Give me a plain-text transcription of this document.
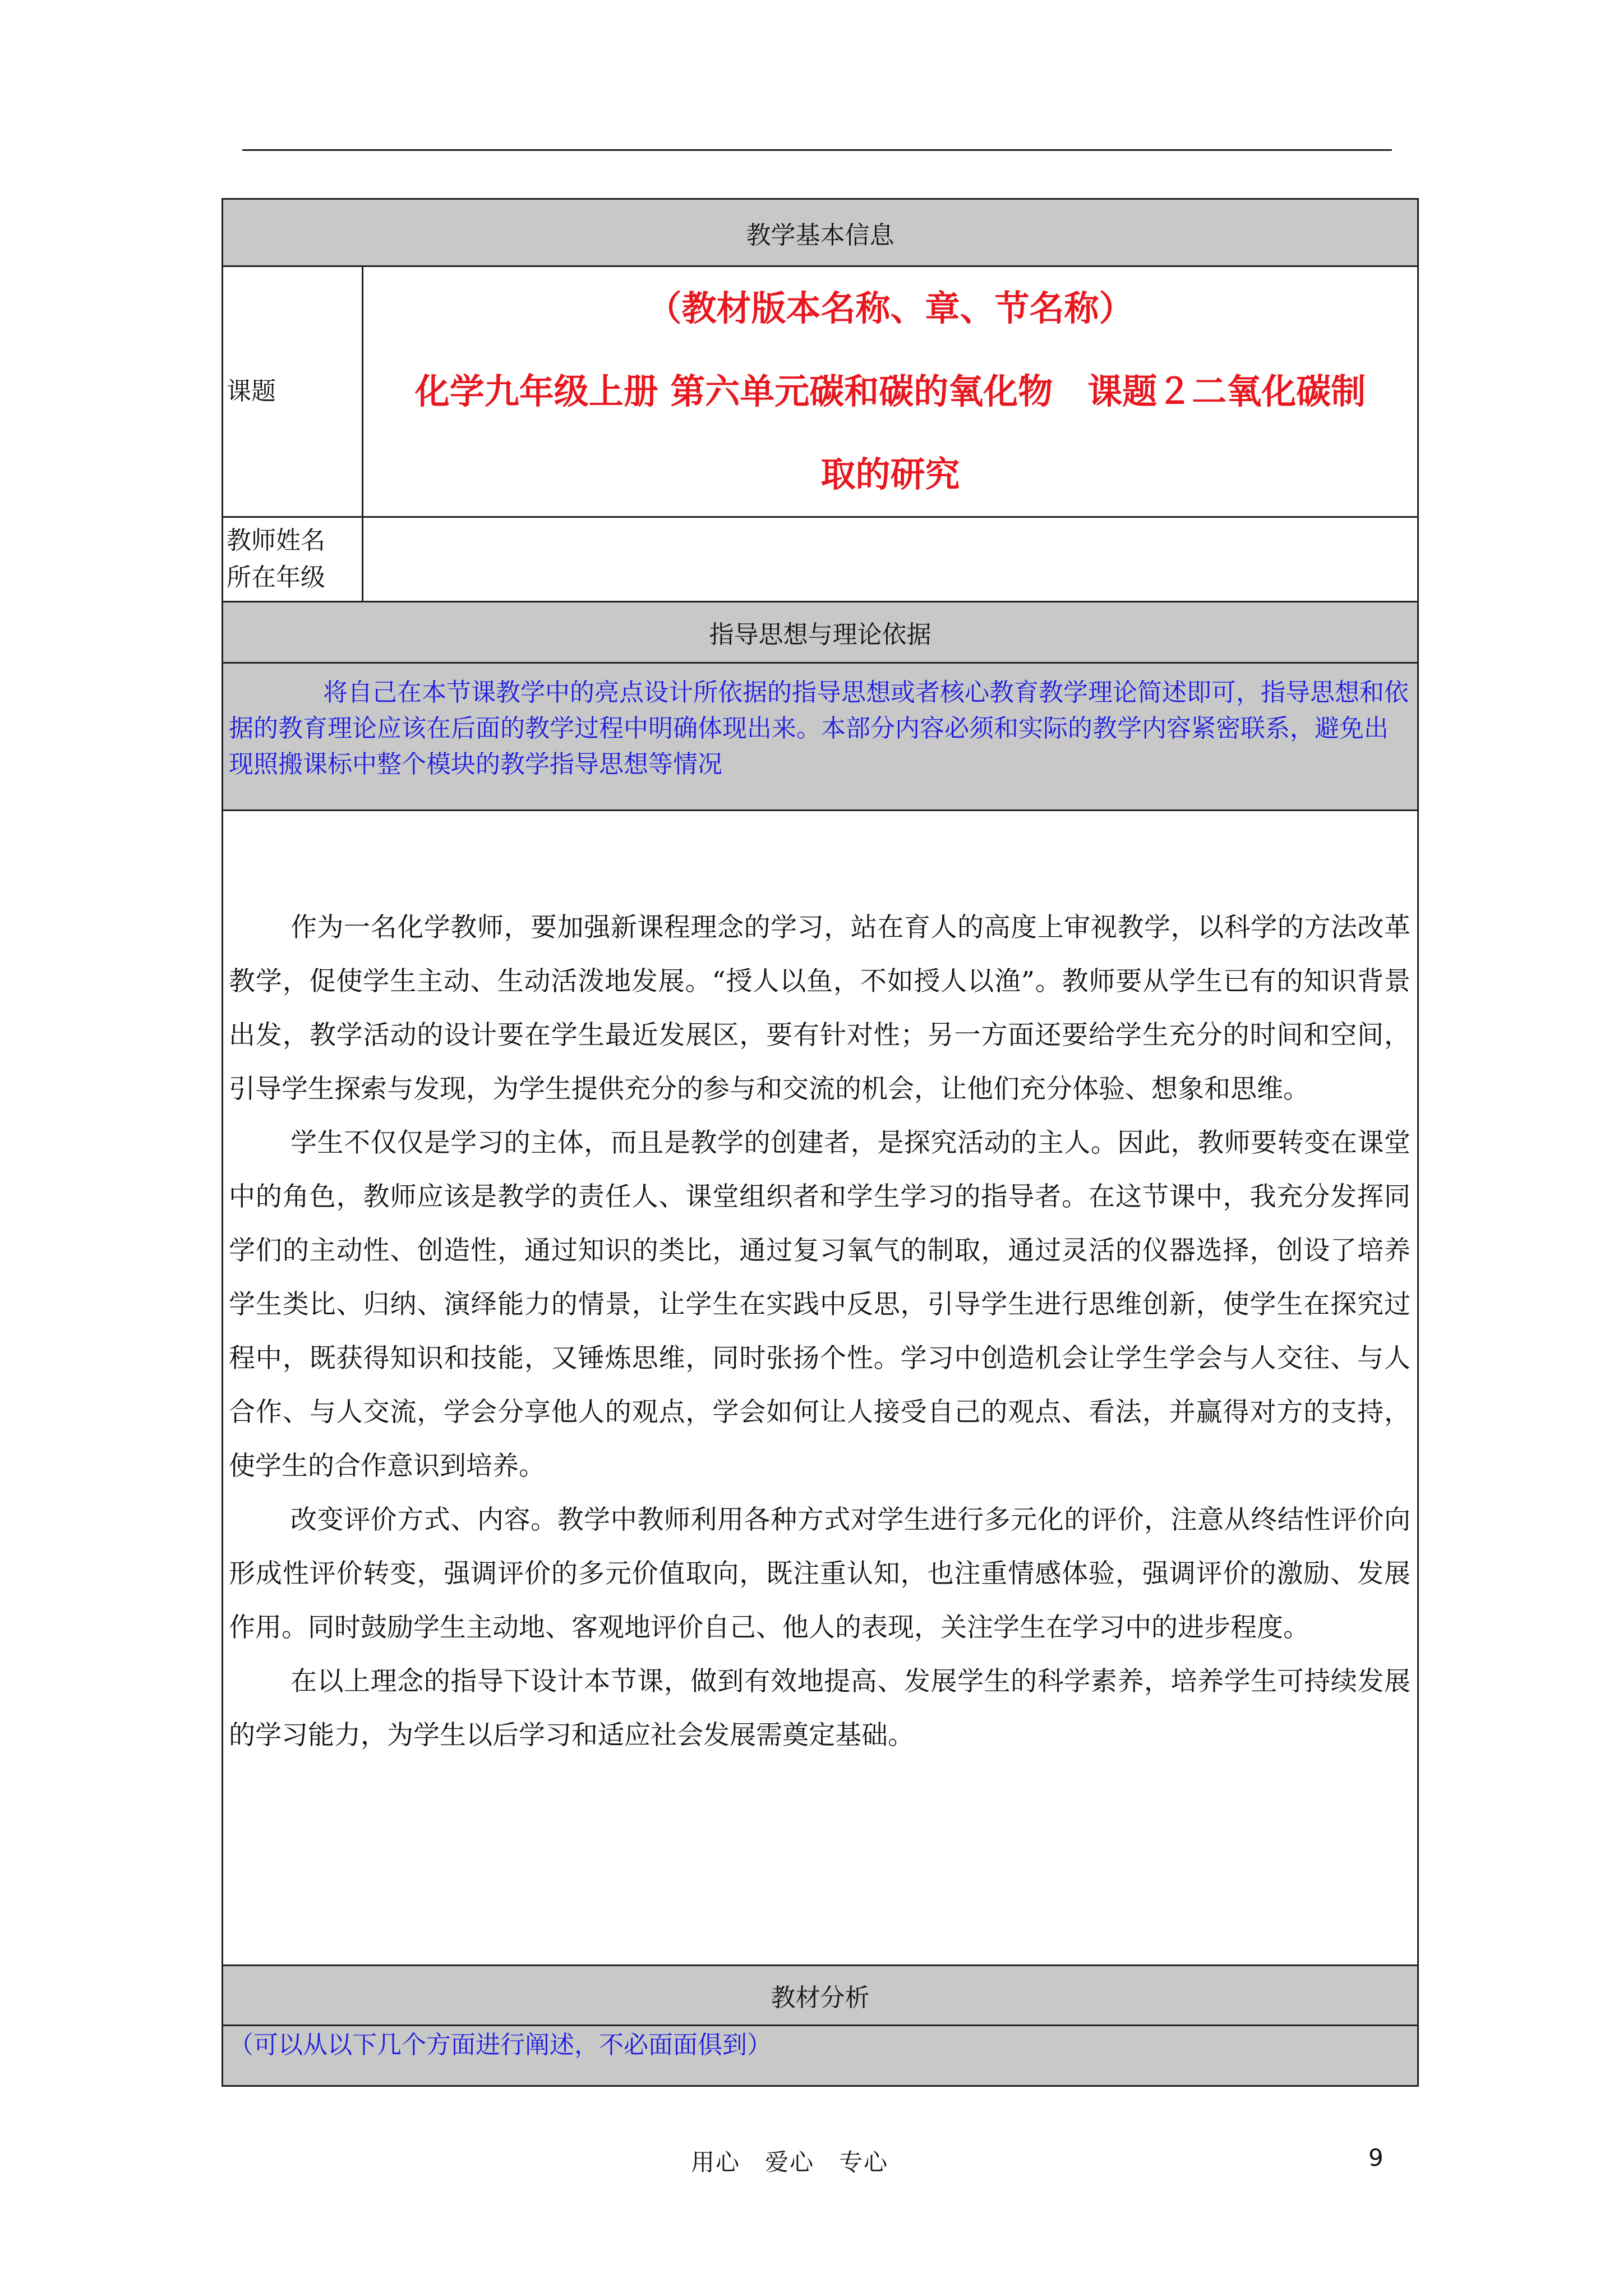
教学基本信息	
课题	（教材版本名称、章、节名称）
化学九年级上册 第六单元碳和碳的氧化物　课题２二氧化碳制
取的研究

教师姓名
所在年级	

指导思想与理论依据	
将自己在本节课教学中的亮点设计所依据的指导思想或者核心教育教学理论简述即可，指导思想和依据的教育理论应该在后面的教学过程中明确体现出来。本部分内容必须和实际的教学内容紧密联系，避免出现照搬课标中整个模块的教学指导思想等情况	

作为一名化学教师，要加强新课程理念的学习，站在育人的高度上审视教学，以科学的方法改革教学，促使学生主动、生动活泼地发展。“授人以鱼，不如授人以渔”。教师要从学生已有的知识背景出发，教学活动的设计要在学生最近发展区，要有针对性；另一方面还要给学生充分的时间和空间，引导学生探索与发现，为学生提供充分的参与和交流的机会，让他们充分体验、想象和思维。

学生不仅仅是学习的主体，而且是教学的创建者，是探究活动的主人。因此，教师要转变在课堂中的角色，教师应该是教学的责任人、课堂组织者和学生学习的指导者。在这节课中，我充分发挥同学们的主动性、创造性，通过知识的类比，通过复习氧气的制取，通过灵活的仪器选择，创设了培养学生类比、归纳、演绎能力的情景，让学生在实践中反思，引导学生进行思维创新，使学生在探究过程中，既获得知识和技能，又锤炼思维，同时张扬个性。学习中创造机会让学生学会与人交往、与人合作、与人交流，学会分享他人的观点，学会如何让人接受自己的观点、看法，并赢得对方的支持，使学生的合作意识到培养。

改变评价方式、内容。教学中教师利用各种方式对学生进行多元化的评价，注意从终结性评价向形成性评价转变，强调评价的多元价值取向，既注重认知，也注重情感体验，强调评价的激励、发展作用。同时鼓励学生主动地、客观地评价自己、他人的表现，关注学生在学习中的进步程度。

在以上理念的指导下设计本节课，做到有效地提高、发展学生的科学素养，培养学生可持续发展的学习能力，为学生以后学习和适应社会发展需奠定基础。	

教材分析	
（可以从以下几个方面进行阐述，不必面面俱到）	
用心　爱心　专心	9
